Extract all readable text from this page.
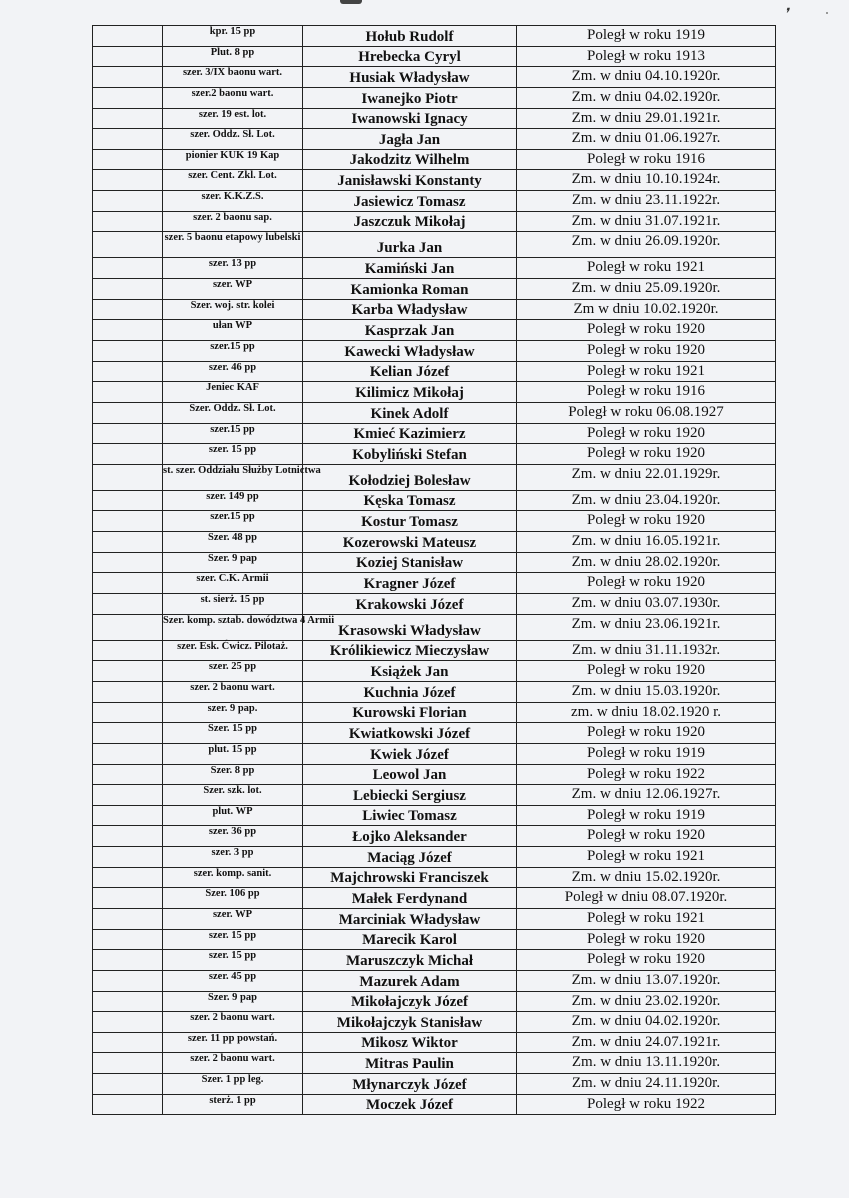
❜
	kpr. 15 pp	Hołub Rudolf	Poległ w roku 1919
	Plut. 8 pp	Hrebecka Cyryl	Poległ w roku 1913
	szer. 3/IX baonu wart.	Husiak Władysław	Zm. w dniu 04.10.1920r.
	szer.2 baonu wart.	Iwanejko Piotr	Zm. w dniu 04.02.1920r.
	szer. 19 est. lot.	Iwanowski Ignacy	Zm. w dniu 29.01.1921r.
	szer. Oddz. Sł. Lot.	Jagła Jan	Zm. w dniu 01.06.1927r.
	pionier KUK 19 Kap	Jakodzitz Wilhelm	Poległ w roku 1916
	szer. Cent. Zkl. Lot.	Janisławski Konstanty	Zm. w dniu 10.10.1924r.
	szer. K.K.Z.S.	Jasiewicz Tomasz	Zm. w dniu 23.11.1922r.
	szer. 2 baonu sap.	Jaszczuk Mikołaj	Zm. w dniu 31.07.1921r.
	szer. 5 baonu etapowy lubelski	Jurka Jan	Zm. w dniu 26.09.1920r.
	szer. 13 pp	Kamiński Jan	Poległ w roku 1921
	szer. WP	Kamionka Roman	Zm. w dniu 25.09.1920r.
	Szer. woj. str. kolei	Karba Władysław	Zm w dniu 10.02.1920r.
	ułan WP	Kasprzak Jan	Poległ w roku 1920
	szer.15 pp	Kawecki Władysław	Poległ w roku 1920
	szer. 46 pp	Kelian Józef	Poległ w roku 1921
	Jeniec KAF	Kilimicz Mikołaj	Poległ w roku 1916
	Szer. Oddz. Sł. Lot.	Kinek Adolf	Poległ w roku 06.08.1927
	szer.15 pp	Kmieć Kazimierz	Poległ w roku 1920
	szer. 15 pp	Kobyliński Stefan	Poległ w roku 1920
	st. szer. Oddziału Służby Lotnictwa	Kołodziej Bolesław	Zm. w dniu 22.01.1929r.
	szer. 149 pp	Kęska Tomasz	Zm. w dniu 23.04.1920r.
	szer.15 pp	Kostur Tomasz	Poległ w roku 1920
	Szer. 48 pp	Kozerowski Mateusz	Zm. w dniu 16.05.1921r.
	Szer. 9 pap	Koziej Stanisław	Zm. w dniu 28.02.1920r.
	szer. C.K. Armii	Kragner Józef	Poległ w roku 1920
	st. sierż. 15 pp	Krakowski Józef	Zm. w dniu 03.07.1930r.
	Szer. komp. sztab. dowództwa 4 Armii	Krasowski Władysław	Zm. w dniu 23.06.1921r.
	szer. Esk. Ćwicz. Pilotaż.	Królikiewicz Mieczysław	Zm. w dniu 31.11.1932r.
	szer. 25 pp	Książek Jan	Poległ w roku 1920
	szer. 2 baonu wart.	Kuchnia Józef	Zm. w dniu 15.03.1920r.
	szer. 9 pap.	Kurowski Florian	zm. w dniu 18.02.1920 r.
	Szer. 15 pp	Kwiatkowski Józef	Poległ w roku 1920
	plut. 15 pp	Kwiek Józef	Poległ w roku 1919
	Szer. 8 pp	Leowol Jan	Poległ w roku 1922
	Szer. szk. lot.	Lebiecki Sergiusz	Zm. w dniu 12.06.1927r.
	plut. WP	Liwiec Tomasz	Poległ w roku 1919
	szer. 36 pp	Łojko Aleksander	Poległ w roku 1920
	szer. 3 pp	Maciąg Józef	Poległ w roku 1921
	szer. komp. sanit.	Majchrowski Franciszek	Zm. w dniu 15.02.1920r.
	Szer. 106 pp	Małek Ferdynand	Poległ w dniu 08.07.1920r.
	szer. WP	Marciniak Władysław	Poległ w roku 1921
	szer. 15 pp	Marecik Karol	Poległ w roku 1920
	szer. 15 pp	Maruszczyk Michał	Poległ w roku 1920
	szer. 45 pp	Mazurek Adam	Zm. w dniu 13.07.1920r.
	Szer. 9 pap	Mikołajczyk Józef	Zm. w dniu 23.02.1920r.
	szer. 2 baonu wart.	Mikołajczyk Stanisław	Zm. w dniu 04.02.1920r.
	szer. 11 pp powstań.	Mikosz Wiktor	Zm. w dniu 24.07.1921r.
	szer. 2 baonu wart.	Mitras Paulin	Zm. w dniu 13.11.1920r.
	Szer. 1 pp leg.	Młynarczyk Józef	Zm. w dniu 24.11.1920r.
	sterż. 1 pp	Moczek Józef	Poległ w roku 1922
